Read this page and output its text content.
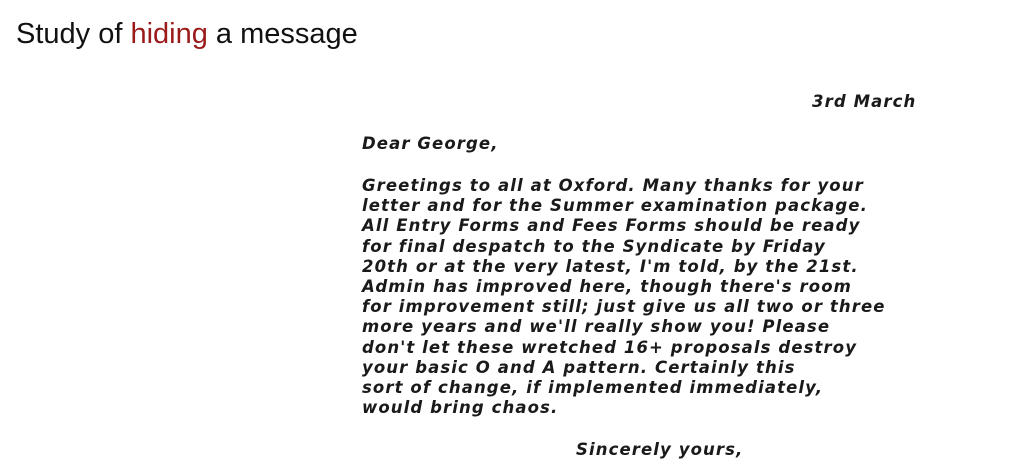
Study of hiding a message
3rd March
Dear George,
Greetings to all at Oxford. Many thanks for your
letter and for the Summer examination package.
All Entry Forms and Fees Forms should be ready
for final despatch to the Syndicate by Friday
20th or at the very latest, I'm told, by the 21st.
Admin has improved here, though there's room
for improvement still; just give us all two or three
more years and we'll really show you! Please
don't let these wretched 16+ proposals destroy
your basic O and A pattern. Certainly this
sort of change, if implemented immediately,
would bring chaos.
Sincerely yours,
